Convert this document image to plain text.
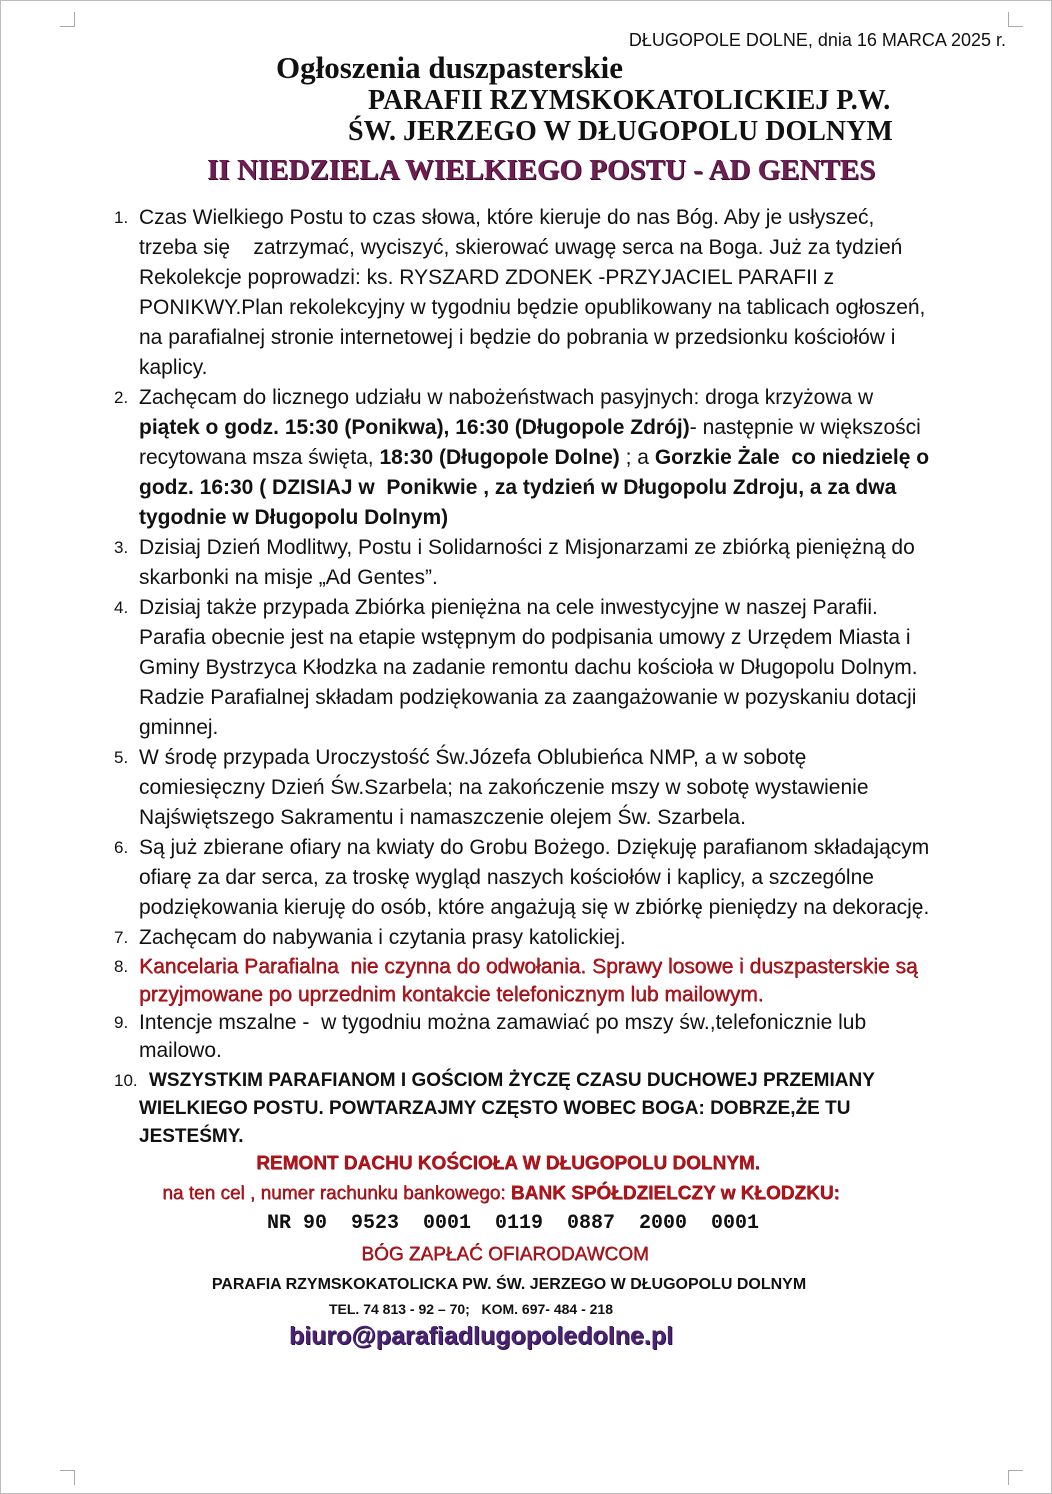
DŁUGOPOLE DOLNE, dnia 16 MARCA 2025 r.
Ogłoszenia duszpasterskie
PARAFII RZYMSKOKATOLICKIEJ P.W.
ŚW. JERZEGO W DŁUGOPOLU DOLNYM
II NIEDZIELA WIELKIEGO POSTU - AD GENTES
1. Czas Wielkiego Postu to czas słowa, które kieruje do nas Bóg. Aby je usłyszeć,
trzeba się    zatrzymać, wyciszyć, skierować uwagę serca na Boga. Już za tydzień
Rekolekcje poprowadzi: ks. RYSZARD ZDONEK -PRZYJACIEL PARAFII z
PONIKWY.Plan rekolekcyjny w tygodniu będzie opublikowany na tablicach ogłoszeń,
na parafialnej stronie internetowej i będzie do pobrania w przedsionku kościołów i
kaplicy.
2. Zachęcam do licznego udziału w nabożeństwach pasyjnych: droga krzyżowa w
piątek o godz. 15:30 (Ponikwa), 16:30 (Długopole Zdrój)- następnie w większości
recytowana msza święta, 18:30 (Długopole Dolne) ; a Gorzkie Żale  co niedzielę o
godz. 16:30 ( DZISIAJ w  Ponikwie , za tydzień w Długopolu Zdroju, a za dwa
tygodnie w Długopolu Dolnym)
3. Dzisiaj Dzień Modlitwy, Postu i Solidarności z Misjonarzami ze zbiórką pieniężną do
skarbonki na misje „Ad Gentes”.
4. Dzisiaj także przypada Zbiórka pieniężna na cele inwestycyjne w naszej Parafii.
Parafia obecnie jest na etapie wstępnym do podpisania umowy z Urzędem Miasta i
Gminy Bystrzyca Kłodzka na zadanie remontu dachu kościoła w Długopolu Dolnym.
Radzie Parafialnej składam podziękowania za zaangażowanie w pozyskaniu dotacji
gminnej.
5. W środę przypada Uroczystość Św.Józefa Oblubieńca NMP, a w sobotę
comiesięczny Dzień Św.Szarbela; na zakończenie mszy w sobotę wystawienie
Najświętszego Sakramentu i namaszczenie olejem Św. Szarbela.
6. Są już zbierane ofiary na kwiaty do Grobu Bożego. Dziękuję parafianom składającym
ofiarę za dar serca, za troskę wygląd naszych kościołów i kaplicy, a szczególne
podziękowania kieruję do osób, które angażują się w zbiórkę pieniędzy na dekorację.
7. Zachęcam do nabywania i czytania prasy katolickiej.
8. Kancelaria Parafialna  nie czynna do odwołania. Sprawy losowe i duszpasterskie są
przyjmowane po uprzednim kontakcie telefonicznym lub mailowym.
9. Intencje mszalne -  w tygodniu można zamawiać po mszy św.,telefonicznie lub
mailowo.
10. WSZYSTKIM PARAFIANOM I GOŚCIOM ŻYCZĘ CZASU DUCHOWEJ PRZEMIANY
WIELKIEGO POSTU. POWTARZAJMY CZĘSTO WOBEC BOGA: DOBRZE,ŻE TU
JESTEŚMY.
REMONT DACHU KOŚCIOŁA W DŁUGOPOLU DOLNYM.
na ten cel , numer rachunku bankowego: BANK SPÓŁDZIELCZY w KŁODZKU:
NR 90  9523  0001  0119  0887  2000  0001
BÓG ZAPŁAĆ OFIARODAWCOM
PARAFIA RZYMSKOKATOLICKA PW. ŚW. JERZEGO W DŁUGOPOLU DOLNYM
TEL. 74 813 - 92 – 70;   KOM. 697- 484 - 218
biuro@parafiadlugopoledolne.pl
